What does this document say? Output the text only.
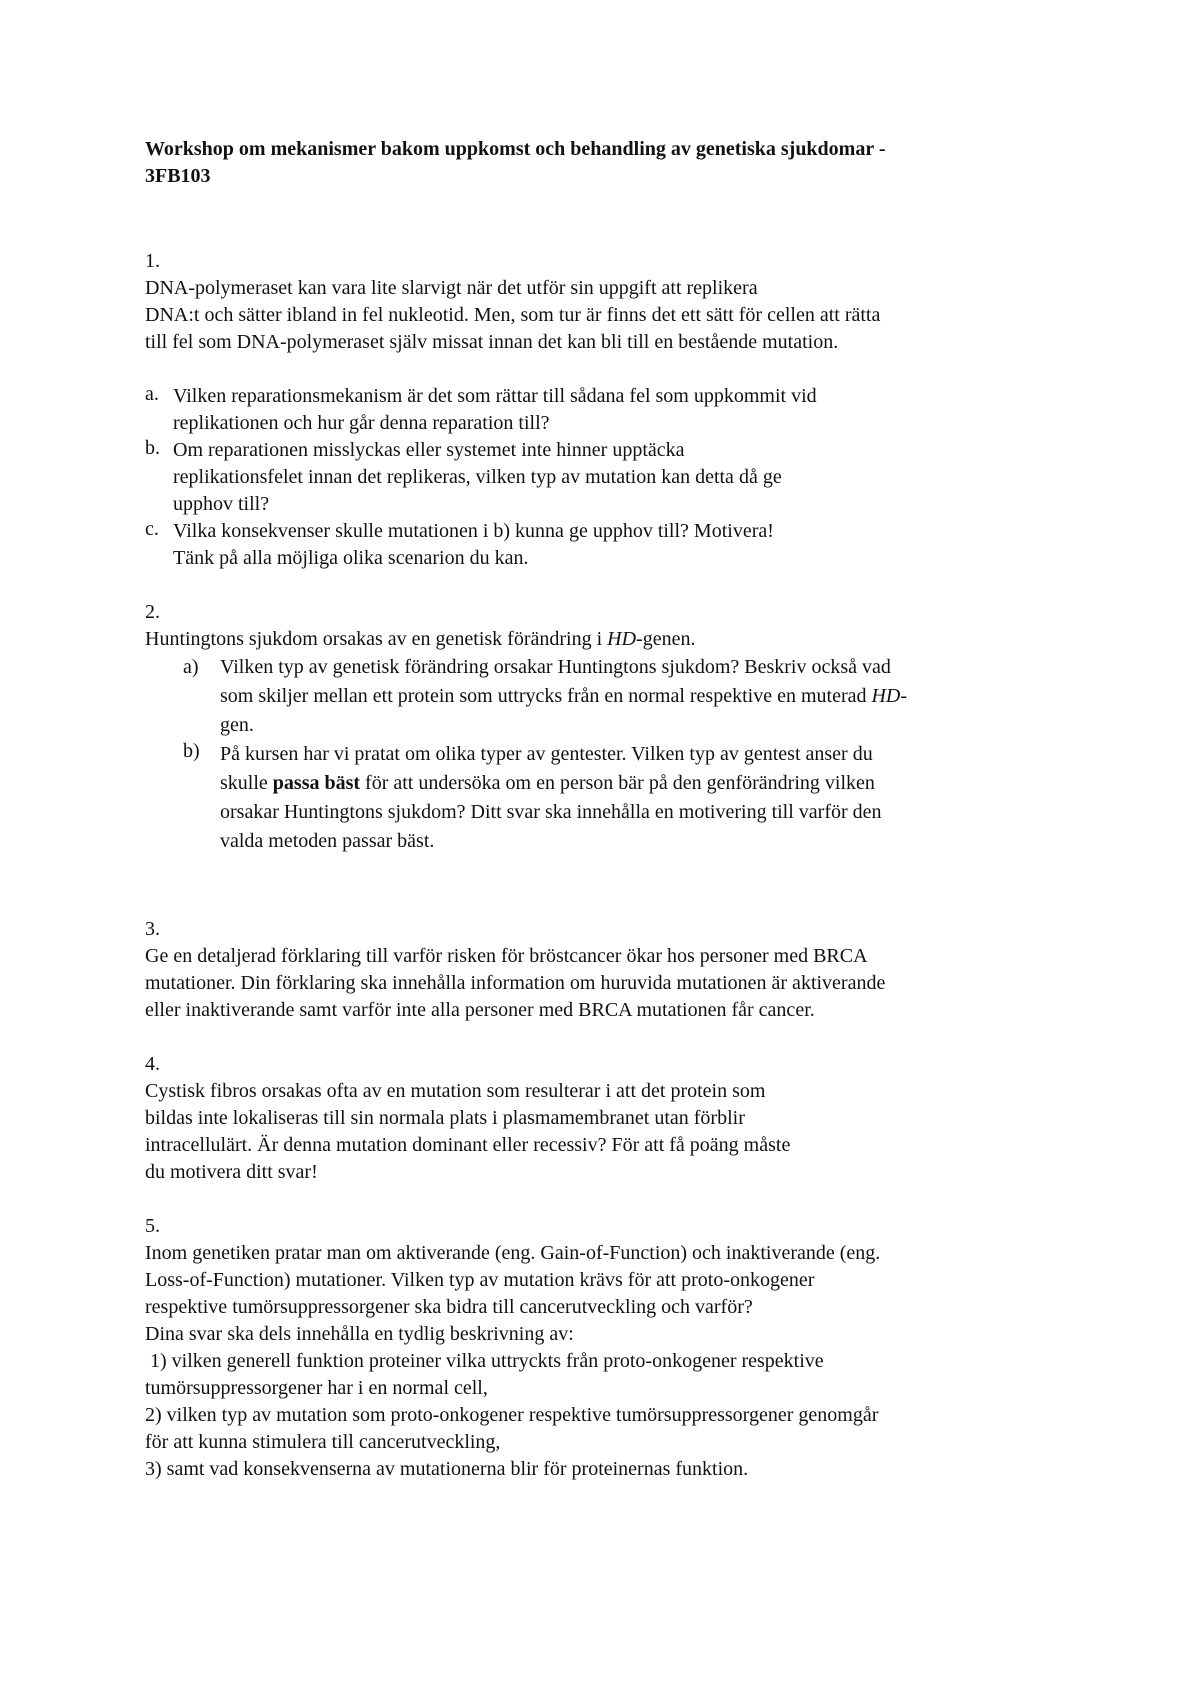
Workshop om mekanismer bakom uppkomst och behandling av genetiska sjukdomar -
3FB103
1.
DNA-polymeraset kan vara lite slarvigt när det utför sin uppgift att replikera
DNA:t och sätter ibland in fel nukleotid. Men, som tur är finns det ett sätt för cellen att rätta
till fel som DNA-polymeraset själv missat innan det kan bli till en bestående mutation.
a. Vilken reparationsmekanism är det som rättar till sådana fel som uppkommit vid
replikationen och hur går denna reparation till?
b. Om reparationen misslyckas eller systemet inte hinner upptäcka
replikationsfelet innan det replikeras, vilken typ av mutation kan detta då ge
upphov till?
c. Vilka konsekvenser skulle mutationen i b) kunna ge upphov till? Motivera!
Tänk på alla möjliga olika scenarion du kan.
2.
Huntingtons sjukdom orsakas av en genetisk förändring i HD-genen.
a)	Vilken typ av genetisk förändring orsakar Huntingtons sjukdom? Beskriv också vad
som skiljer mellan ett protein som uttrycks från en normal respektive en muterad HD-
gen.
b)	På kursen har vi pratat om olika typer av gentester. Vilken typ av gentest anser du
skulle passa bäst för att undersöka om en person bär på den genförändring vilken
orsakar Huntingtons sjukdom? Ditt svar ska innehålla en motivering till varför den
valda metoden passar bäst.
3.
Ge en detaljerad förklaring till varför risken för bröstcancer ökar hos personer med BRCA
mutationer. Din förklaring ska innehålla information om huruvida mutationen är aktiverande
eller inaktiverande samt varför inte alla personer med BRCA mutationen får cancer.
4.
Cystisk fibros orsakas ofta av en mutation som resulterar i att det protein som
bildas inte lokaliseras till sin normala plats i plasmamembranet utan förblir
intracellulärt. Är denna mutation dominant eller recessiv? För att få poäng måste
du motivera ditt svar!
5.
Inom genetiken pratar man om aktiverande (eng. Gain-of-Function) och inaktiverande (eng.
Loss-of-Function) mutationer. Vilken typ av mutation krävs för att proto-onkogener
respektive tumörsuppressorgener ska bidra till cancerutveckling och varför?
Dina svar ska dels innehålla en tydlig beskrivning av:
1) vilken generell funktion proteiner vilka uttryckts från proto-onkogener respektive
tumörsuppressorgener har i en normal cell,
2) vilken typ av mutation som proto-onkogener respektive tumörsuppressorgener genomgår
för att kunna stimulera till cancerutveckling,
3) samt vad konsekvenserna av mutationerna blir för proteinernas funktion.
